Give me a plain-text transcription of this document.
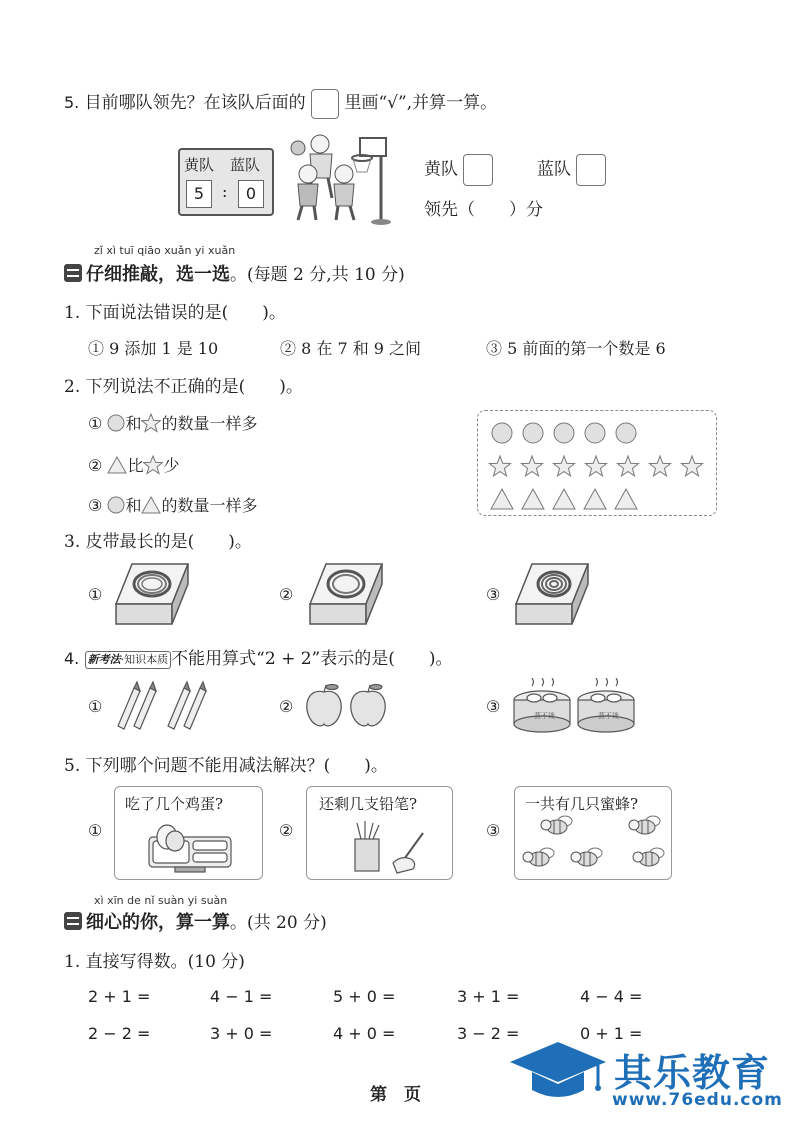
5. 目前哪队领先？在该队后面的 里画“√”,并算一算。
黄队 蓝队
5	:	0
黄队	蓝队
领先（　　）分
zǐ xì tuī qiāo xuǎn yi xuǎn
仔细推敲，选一选。(每题 2 分,共 10 分)
1. 下面说法错误的是(　　)。
① 9 添加 1 是 10	② 8 在 7 和 9 之间	③ 5 前面的第一个数是 6
2. 下列说法不正确的是(　　)。
① 和 的数量一样多
② 比 少
③ 和 的数量一样多
3. 皮带最长的是(　　)。
①	②	③
4. 新考法·知识本质 不能用算式“2 + 2”表示的是(　　)。
①	②	③	蒸不烫	蒸不烫
5. 下列哪个问题不能用减法解决？(　　)。
①	②	③
吃了几个鸡蛋?	还剩几支铅笔?	一共有几只蜜蜂?
xì xīn de nǐ suàn yi suàn
细心的你，算一算。(共 20 分)
1. 直接写得数。(10 分)
2 + 1 =	4 − 1 =	5 + 0 =	3 + 1 =	4 − 4 =
2 − 2 =	3 + 0 =	4 + 0 =	3 − 2 =	0 + 1 =
第　页	其乐教育
www.76edu.com
